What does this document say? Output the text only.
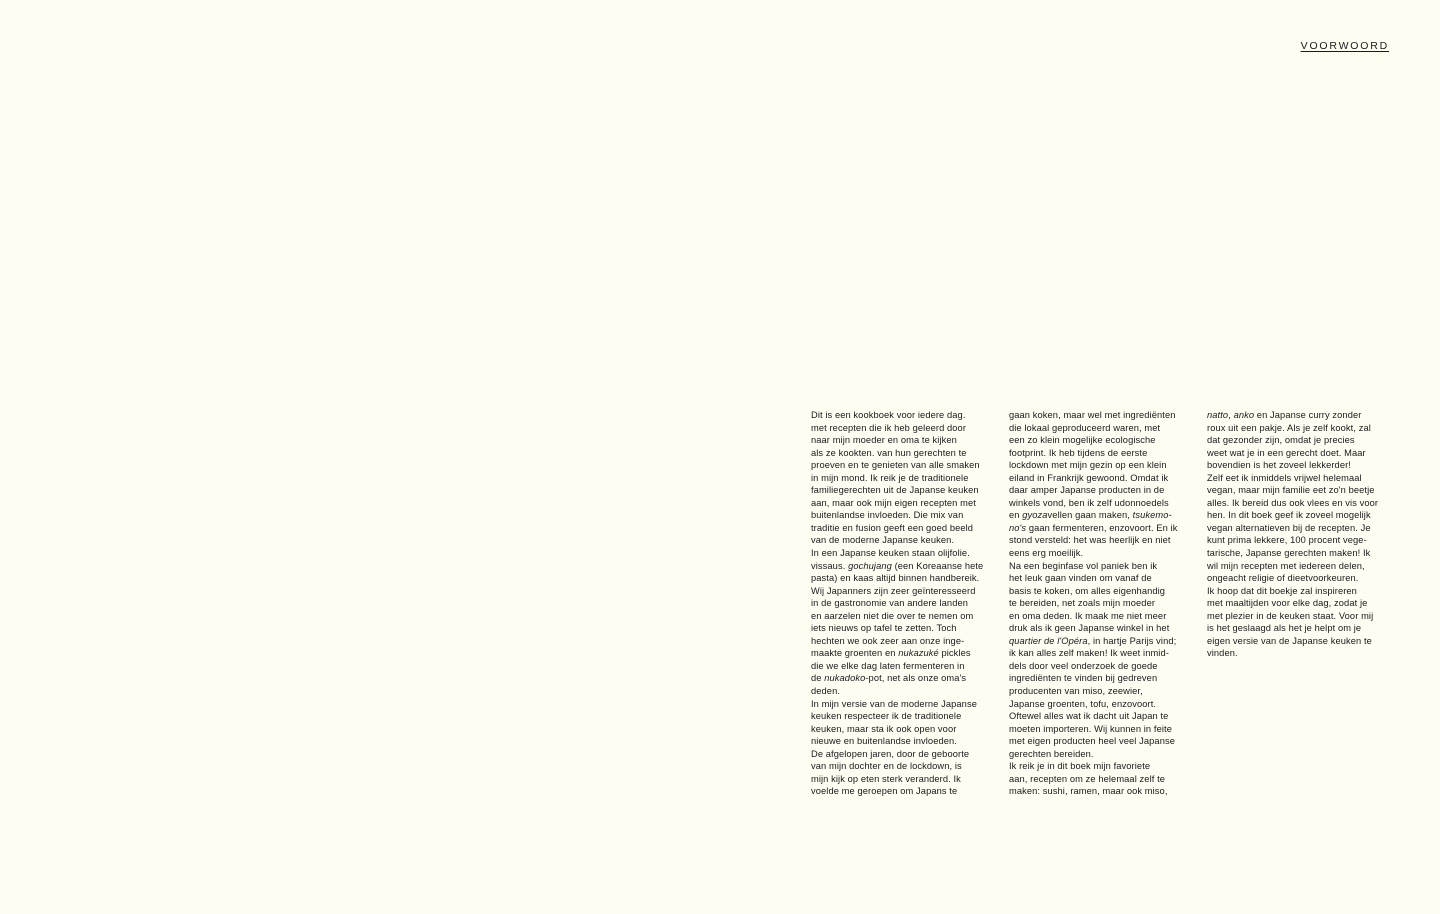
VOORWOORD
Dit is een kookboek voor iedere dag.
met recepten die ik heb geleerd door
naar mijn moeder en oma te kijken
als ze kookten. van hun gerechten te
proeven en te genieten van alle smaken
in mijn mond. Ik reik je de traditionele
familiegerechten uit de Japanse keuken
aan, maar ook mijn eigen recepten met
buitenlandse invloeden. Die mix van
traditie en fusion geeft een goed beeld
van de moderne Japanse keuken.
In een Japanse keuken staan olijfolie.
vissaus. gochujang (een Koreaanse hete
pasta) en kaas altijd binnen handbereik.
Wij Japanners zijn zeer geïnteresseerd
in de gastronomie van andere landen
en aarzelen niet die over te nemen om
iets nieuws op tafel te zetten. Toch
hechten we ook zeer aan onze inge-
maakte groenten en nukazuké pickles
die we elke dag laten fermenteren in
de nukadoko-pot, net als onze oma's
deden.
In mijn versie van de moderne Japanse
keuken respecteer ik de traditionele
keuken, maar sta ik ook open voor
nieuwe en buitenlandse invloeden.
De afgelopen jaren, door de geboorte
van mijn dochter en de lockdown, is
mijn kijk op eten sterk veranderd. Ik
voelde me geroepen om Japans te
gaan koken, maar wel met ingrediënten
die lokaal geproduceerd waren, met
een zo klein mogelijke ecologische
footprint. Ik heb tijdens de eerste
lockdown met mijn gezin op een klein
eiland in Frankrijk gewoond. Omdat ik
daar amper Japanse producten in de
winkels vond, ben ik zelf udonnoedels
en gyozavellen gaan maken, tsukemo-
no's gaan fermenteren, enzovoort. En ik
stond versteld: het was heerlijk en niet
eens erg moeilijk.
Na een beginfase vol paniek ben ik
het leuk gaan vinden om vanaf de
basis te koken, om alles eigenhandig
te bereiden, net zoals mijn moeder
en oma deden. Ik maak me niet meer
druk als ik geen Japanse winkel in het
quartier de l'Opéra, in hartje Parijs vind;
ik kan alles zelf maken! Ik weet inmid-
dels door veel onderzoek de goede
ingrediënten te vinden bij gedreven
producenten van miso, zeewier,
Japanse groenten, tofu, enzovoort.
Oftewel alles wat ik dacht uit Japan te
moeten importeren. Wij kunnen in feite
met eigen producten heel veel Japanse
gerechten bereiden.
Ik reik je in dit boek mijn favoriete
aan, recepten om ze helemaal zelf te
maken: sushi, ramen, maar ook miso,
natto, anko en Japanse curry zonder
roux uit een pakje. Als je zelf kookt, zal
dat gezonder zijn, omdat je precies
weet wat je in een gerecht doet. Maar
bovendien is het zoveel lekkerder!
Zelf eet ik inmiddels vrijwel helemaal
vegan, maar mijn familie eet zo'n beetje
alles. Ik bereid dus ook vlees en vis voor
hen. In dit boek geef ik zoveel mogelijk
vegan alternatieven bij de recepten. Je
kunt prima lekkere, 100 procent vege-
tarische, Japanse gerechten maken! Ik
wil mijn recepten met iedereen delen,
ongeacht religie of dieetvoorkeuren.
Ik hoop dat dit boekje zal inspireren
met maaltijden voor elke dag, zodat je
met plezier in de keuken staat. Voor mij
is het geslaagd als het je helpt om je
eigen versie van de Japanse keuken te
vinden.
